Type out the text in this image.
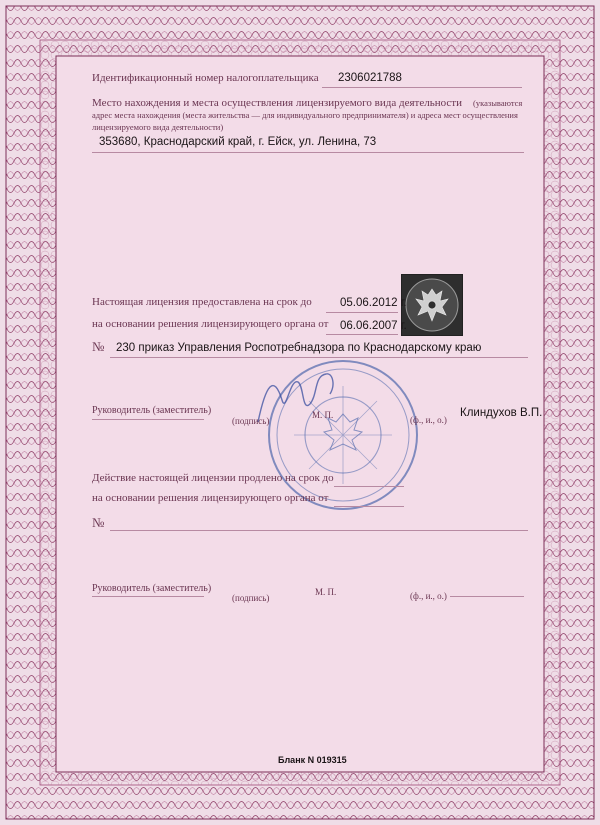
Идентификационный номер налогоплательщика 2306021788
Место нахождения и места осуществления лицензируемого вида деятельности (указываются
адрес места нахождения (места жительства — для индивидуального предпринимателя) и адреса мест осуществления
лицензируемого вида деятельности)
353680, Краснодарский край, г. Ейск, ул. Ленина, 73
Настоящая лицензия предоставлена на срок до 05.06.2012 г.
на основании решения лицензирующего органа от 06.06.2007 г.
№ 230 приказ Управления Роспотребнадзора по Краснодарскому краю
Руководитель (заместитель)
(подпись)
М. П.	(ф., и., о.)
Клиндухов В.П.
Действие настоящей лицензии продлено на срок до
на основании решения лицензирующего органа от
№
Руководитель (заместитель)
(подпись)
М. П.	(ф., и., о.)
Бланк N 019315
